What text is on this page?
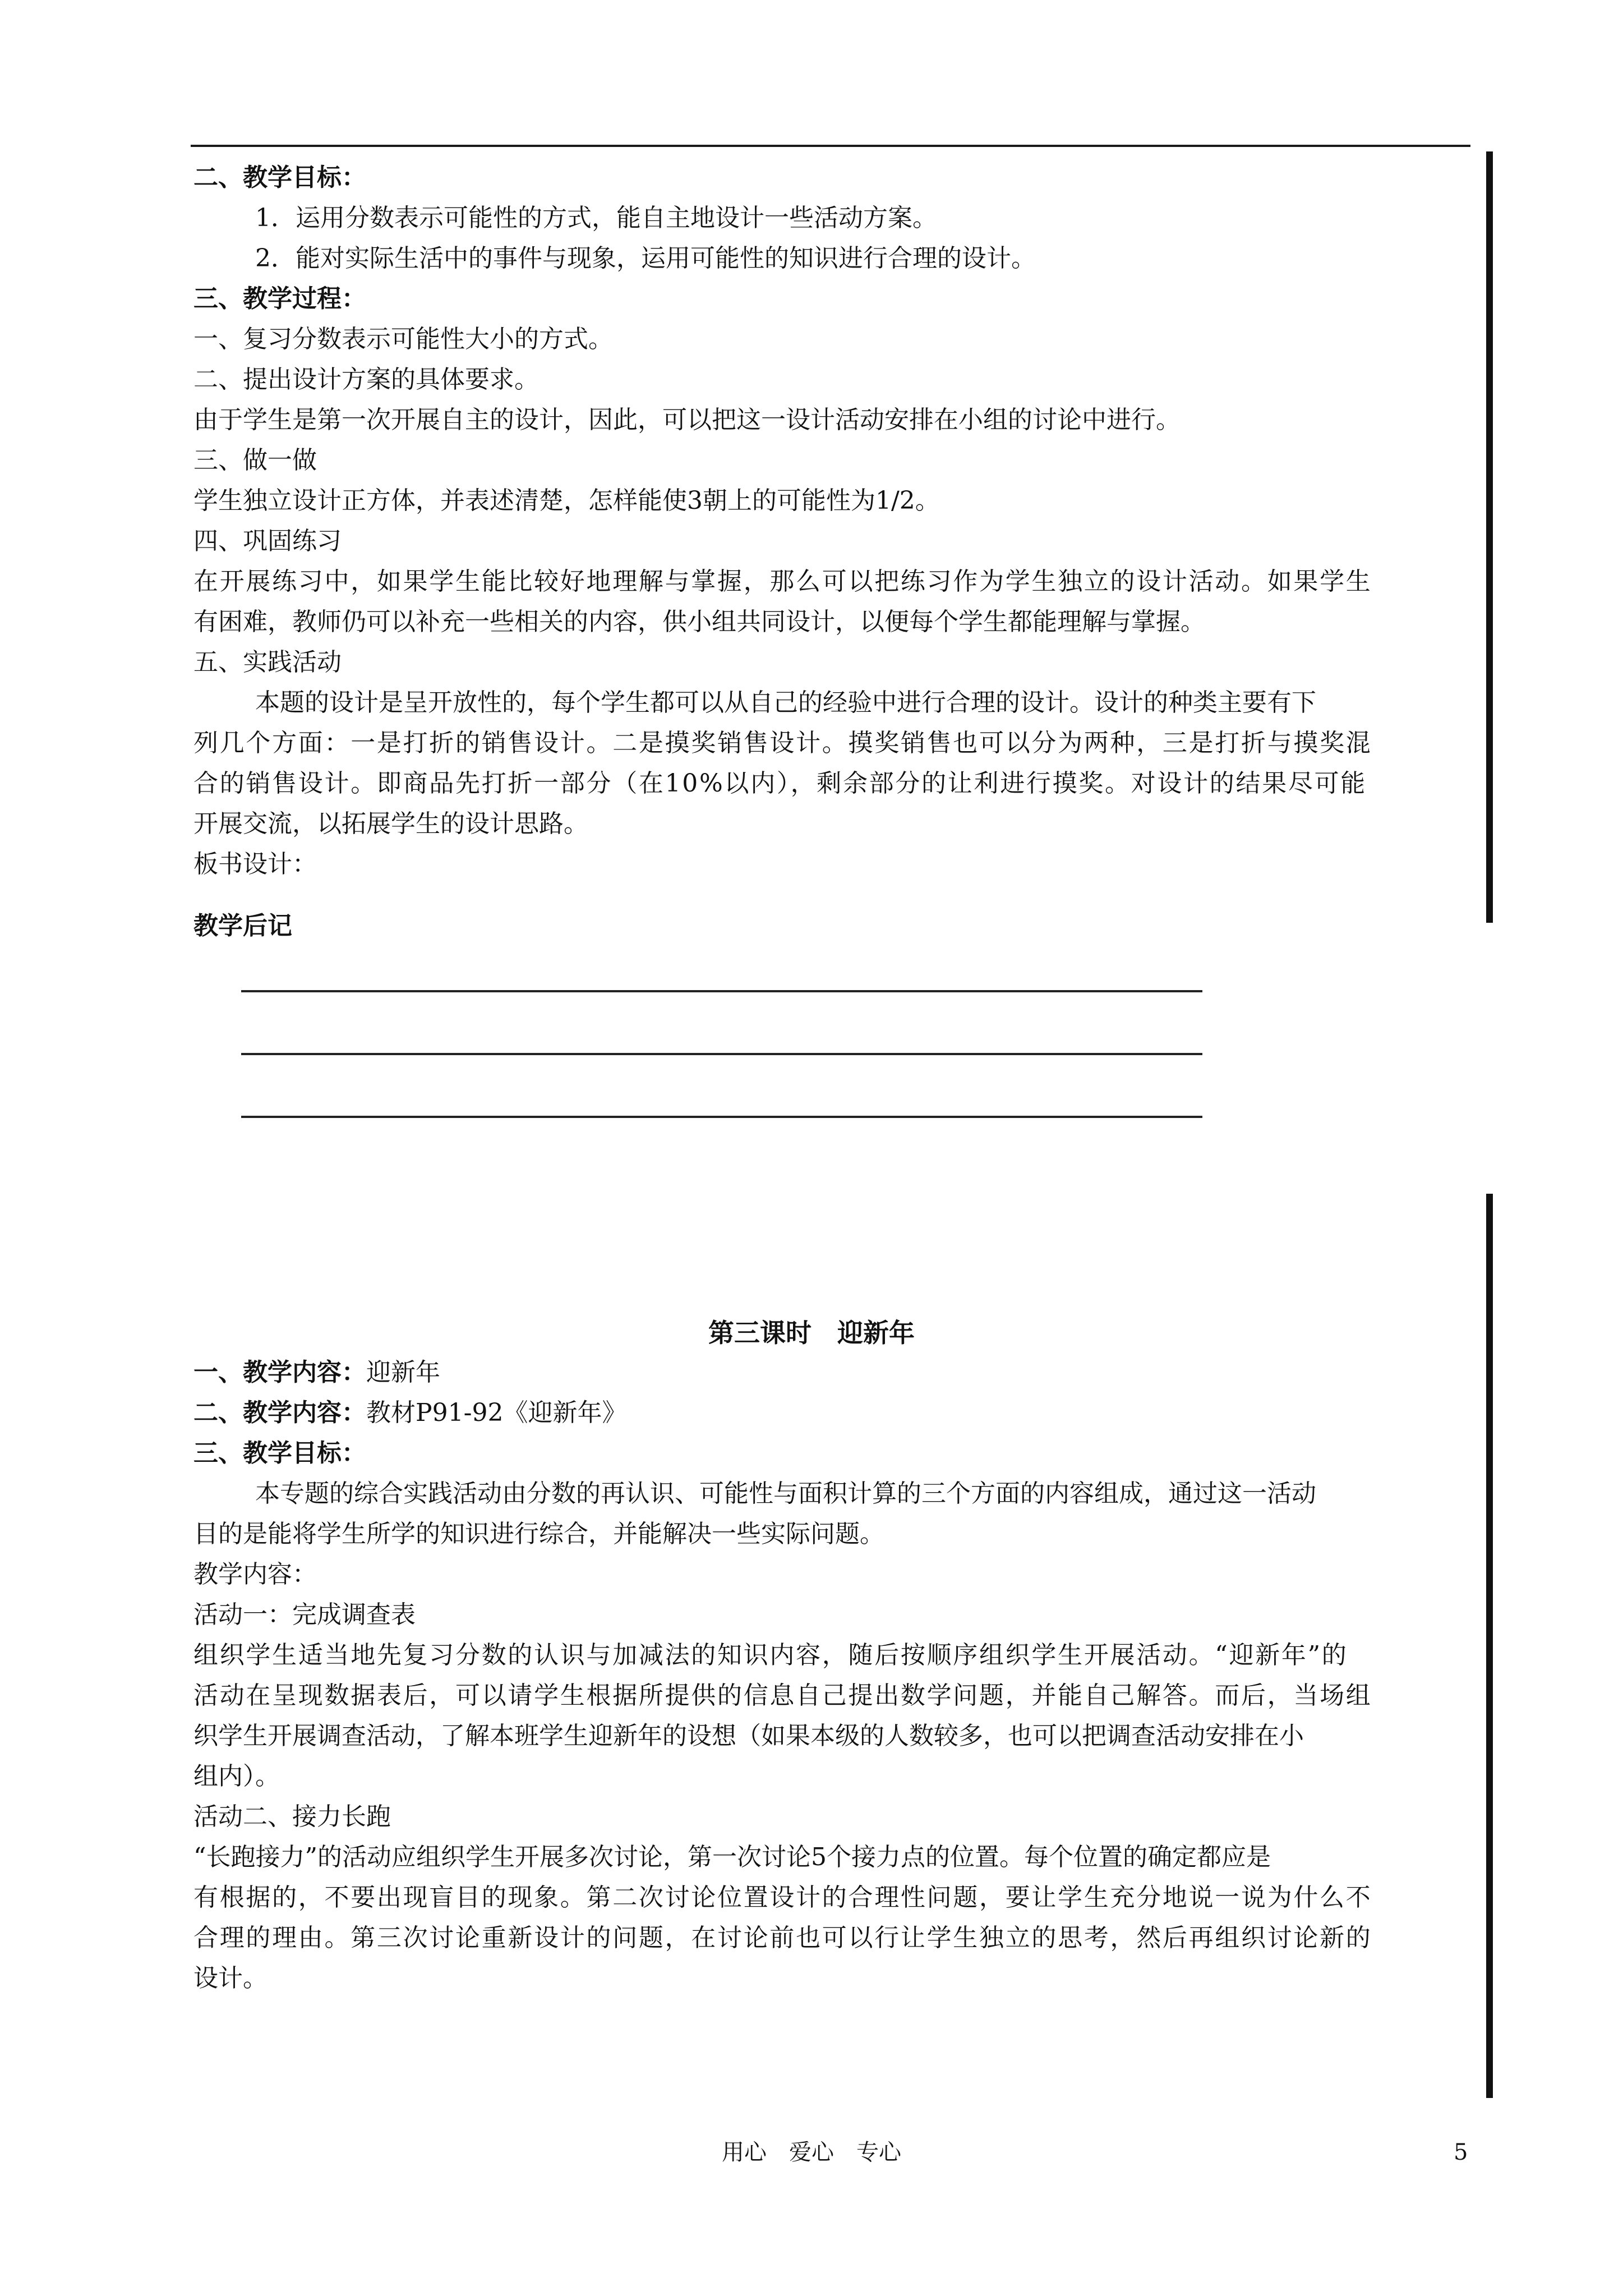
二、教学目标：
1．运用分数表示可能性的方式，能自主地设计一些活动方案。
2．能对实际生活中的事件与现象，运用可能性的知识进行合理的设计。
三、教学过程：
一、复习分数表示可能性大小的方式。
二、提出设计方案的具体要求。
由于学生是第一次开展自主的设计，因此，可以把这一设计活动安排在小组的讨论中进行。
三、做一做
学生独立设计正方体，并表述清楚，怎样能使3朝上的可能性为1/2。
四、巩固练习
在开展练习中，如果学生能比较好地理解与掌握，那么可以把练习作为学生独立的设计活动。如果学生
有困难，教师仍可以补充一些相关的内容，供小组共同设计，以便每个学生都能理解与掌握。
五、实践活动
本题的设计是呈开放性的，每个学生都可以从自己的经验中进行合理的设计。设计的种类主要有下
列几个方面：一是打折的销售设计。二是摸奖销售设计。摸奖销售也可以分为两种，三是打折与摸奖混
合的销售设计。即商品先打折一部分（在10%以内），剩余部分的让利进行摸奖。对设计的结果尽可能
开展交流，以拓展学生的设计思路。
板书设计：
教学后记
第三课时　迎新年
一、教学内容：迎新年
二、教学内容：教材P91-92《迎新年》
三、教学目标：
本专题的综合实践活动由分数的再认识、可能性与面积计算的三个方面的内容组成，通过这一活动
目的是能将学生所学的知识进行综合，并能解决一些实际问题。
教学内容：
活动一：完成调查表
组织学生适当地先复习分数的认识与加减法的知识内容，随后按顺序组织学生开展活动。“迎新年”的
活动在呈现数据表后，可以请学生根据所提供的信息自己提出数学问题，并能自己解答。而后，当场组
织学生开展调查活动，了解本班学生迎新年的设想（如果本级的人数较多，也可以把调查活动安排在小
组内）。
活动二、接力长跑
“长跑接力”的活动应组织学生开展多次讨论，第一次讨论5个接力点的位置。每个位置的确定都应是
有根据的，不要出现盲目的现象。第二次讨论位置设计的合理性问题，要让学生充分地说一说为什么不
合理的理由。第三次讨论重新设计的问题，在讨论前也可以行让学生独立的思考，然后再组织讨论新的
设计。
用心　爱心　专心	5
